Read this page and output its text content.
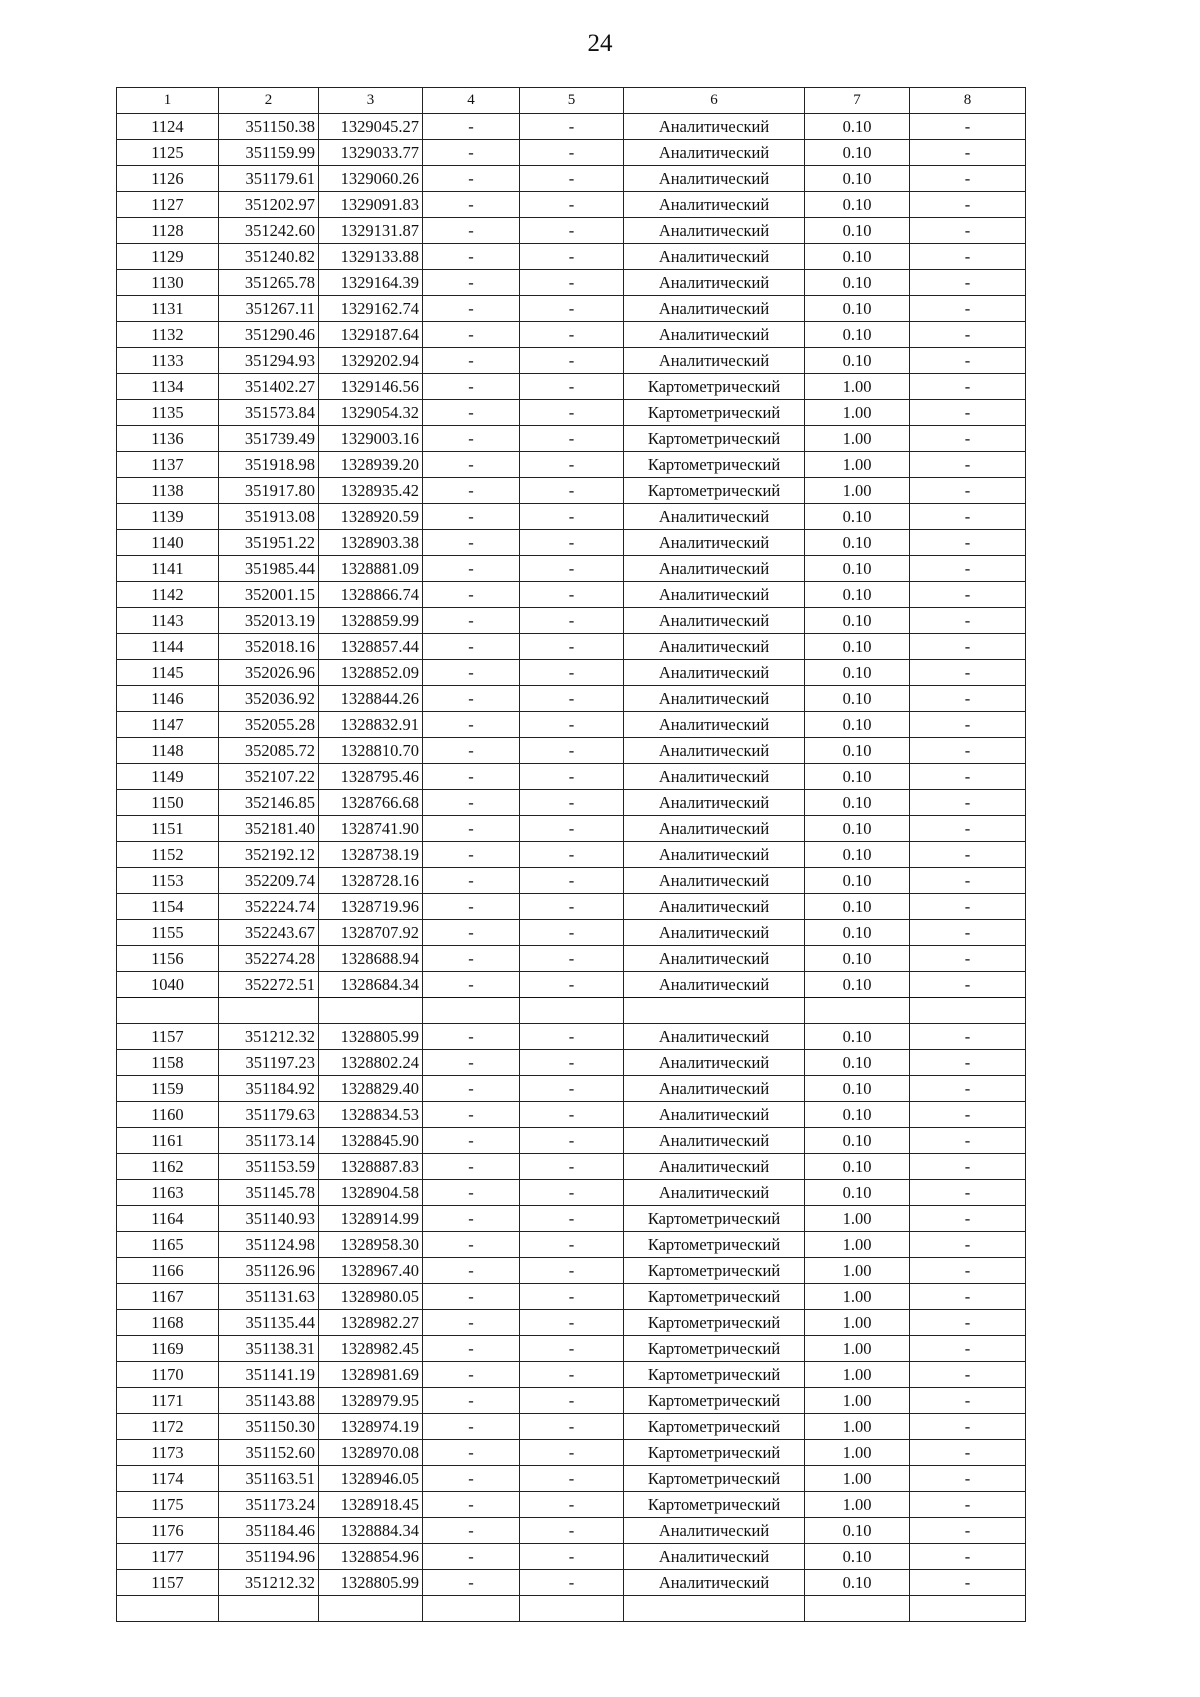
24
1	2	3	4	5	6	7	8
1124	351150.38	1329045.27	-	-	Аналитический	0.10	-
1125	351159.99	1329033.77	-	-	Аналитический	0.10	-
1126	351179.61	1329060.26	-	-	Аналитический	0.10	-
1127	351202.97	1329091.83	-	-	Аналитический	0.10	-
1128	351242.60	1329131.87	-	-	Аналитический	0.10	-
1129	351240.82	1329133.88	-	-	Аналитический	0.10	-
1130	351265.78	1329164.39	-	-	Аналитический	0.10	-
1131	351267.11	1329162.74	-	-	Аналитический	0.10	-
1132	351290.46	1329187.64	-	-	Аналитический	0.10	-
1133	351294.93	1329202.94	-	-	Аналитический	0.10	-
1134	351402.27	1329146.56	-	-	Картометрический	1.00	-
1135	351573.84	1329054.32	-	-	Картометрический	1.00	-
1136	351739.49	1329003.16	-	-	Картометрический	1.00	-
1137	351918.98	1328939.20	-	-	Картометрический	1.00	-
1138	351917.80	1328935.42	-	-	Картометрический	1.00	-
1139	351913.08	1328920.59	-	-	Аналитический	0.10	-
1140	351951.22	1328903.38	-	-	Аналитический	0.10	-
1141	351985.44	1328881.09	-	-	Аналитический	0.10	-
1142	352001.15	1328866.74	-	-	Аналитический	0.10	-
1143	352013.19	1328859.99	-	-	Аналитический	0.10	-
1144	352018.16	1328857.44	-	-	Аналитический	0.10	-
1145	352026.96	1328852.09	-	-	Аналитический	0.10	-
1146	352036.92	1328844.26	-	-	Аналитический	0.10	-
1147	352055.28	1328832.91	-	-	Аналитический	0.10	-
1148	352085.72	1328810.70	-	-	Аналитический	0.10	-
1149	352107.22	1328795.46	-	-	Аналитический	0.10	-
1150	352146.85	1328766.68	-	-	Аналитический	0.10	-
1151	352181.40	1328741.90	-	-	Аналитический	0.10	-
1152	352192.12	1328738.19	-	-	Аналитический	0.10	-
1153	352209.74	1328728.16	-	-	Аналитический	0.10	-
1154	352224.74	1328719.96	-	-	Аналитический	0.10	-
1155	352243.67	1328707.92	-	-	Аналитический	0.10	-
1156	352274.28	1328688.94	-	-	Аналитический	0.10	-
1040	352272.51	1328684.34	-	-	Аналитический	0.10	-

1157	351212.32	1328805.99	-	-	Аналитический	0.10	-
1158	351197.23	1328802.24	-	-	Аналитический	0.10	-
1159	351184.92	1328829.40	-	-	Аналитический	0.10	-
1160	351179.63	1328834.53	-	-	Аналитический	0.10	-
1161	351173.14	1328845.90	-	-	Аналитический	0.10	-
1162	351153.59	1328887.83	-	-	Аналитический	0.10	-
1163	351145.78	1328904.58	-	-	Аналитический	0.10	-
1164	351140.93	1328914.99	-	-	Картометрический	1.00	-
1165	351124.98	1328958.30	-	-	Картометрический	1.00	-
1166	351126.96	1328967.40	-	-	Картометрический	1.00	-
1167	351131.63	1328980.05	-	-	Картометрический	1.00	-
1168	351135.44	1328982.27	-	-	Картометрический	1.00	-
1169	351138.31	1328982.45	-	-	Картометрический	1.00	-
1170	351141.19	1328981.69	-	-	Картометрический	1.00	-
1171	351143.88	1328979.95	-	-	Картометрический	1.00	-
1172	351150.30	1328974.19	-	-	Картометрический	1.00	-
1173	351152.60	1328970.08	-	-	Картометрический	1.00	-
1174	351163.51	1328946.05	-	-	Картометрический	1.00	-
1175	351173.24	1328918.45	-	-	Картометрический	1.00	-
1176	351184.46	1328884.34	-	-	Аналитический	0.10	-
1177	351194.96	1328854.96	-	-	Аналитический	0.10	-
1157	351212.32	1328805.99	-	-	Аналитический	0.10	-
